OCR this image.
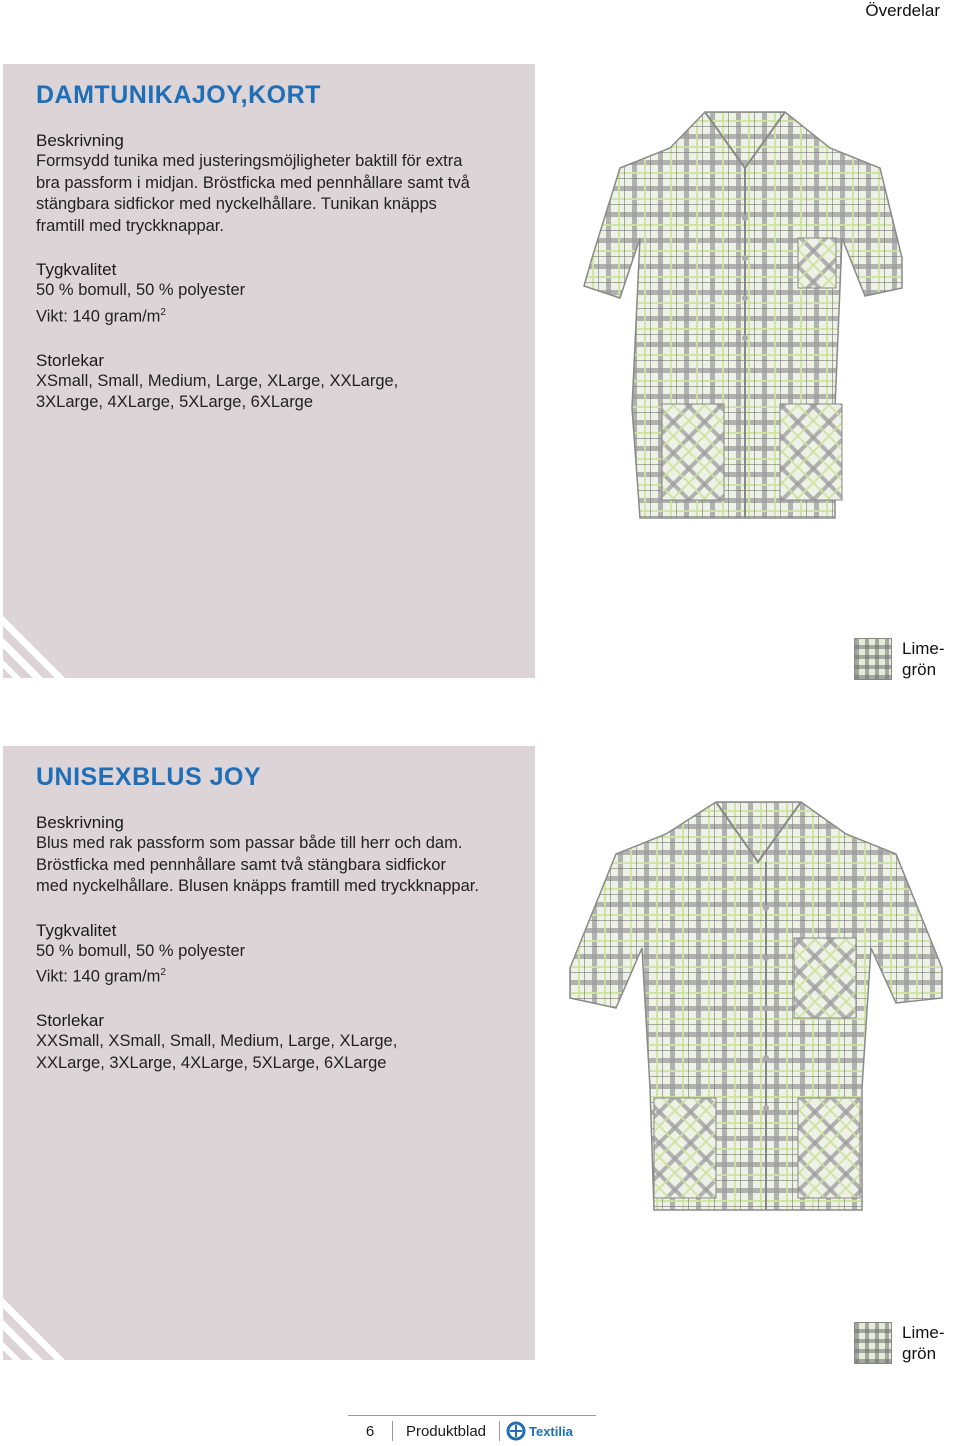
Överdelar
DAMTUNIKAJOY,KORT

Beskrivning

Formsydd tunika med justeringsmöjligheter baktill för extra bra passform i midjan. Bröstficka med pennhållare samt två stängbara sidfickor med nyckelhållare. Tunikan knäpps framtill med tryckknappar.

Tygkvalitet

50 % bomull, 50 % polyester

Vikt: 140 gram/$m^2$

Storlekar

XSmall, Small, Medium, Large, XLarge, XXLarge, 3XLarge, 4XLarge, 5XLarge, 6XLarge

Lime-
grön
UNISEXBLUS JOY

Beskrivning

Blus med rak passform som passar både till herr och dam. Bröstficka med pennhållare samt två stängbara sidfickor med nyckelhållare. Blusen knäpps framtill med tryckknappar.

Tygkvalitet

50 % bomull, 50 % polyester

Vikt: 140 gram/$m^2$

Storlekar

XXSmall, XSmall, Small, Medium, Large, XLarge, XXLarge, 3XLarge, 4XLarge, 5XLarge, 6XLarge

Lime-
grön
6	Produktblad	Textilia
